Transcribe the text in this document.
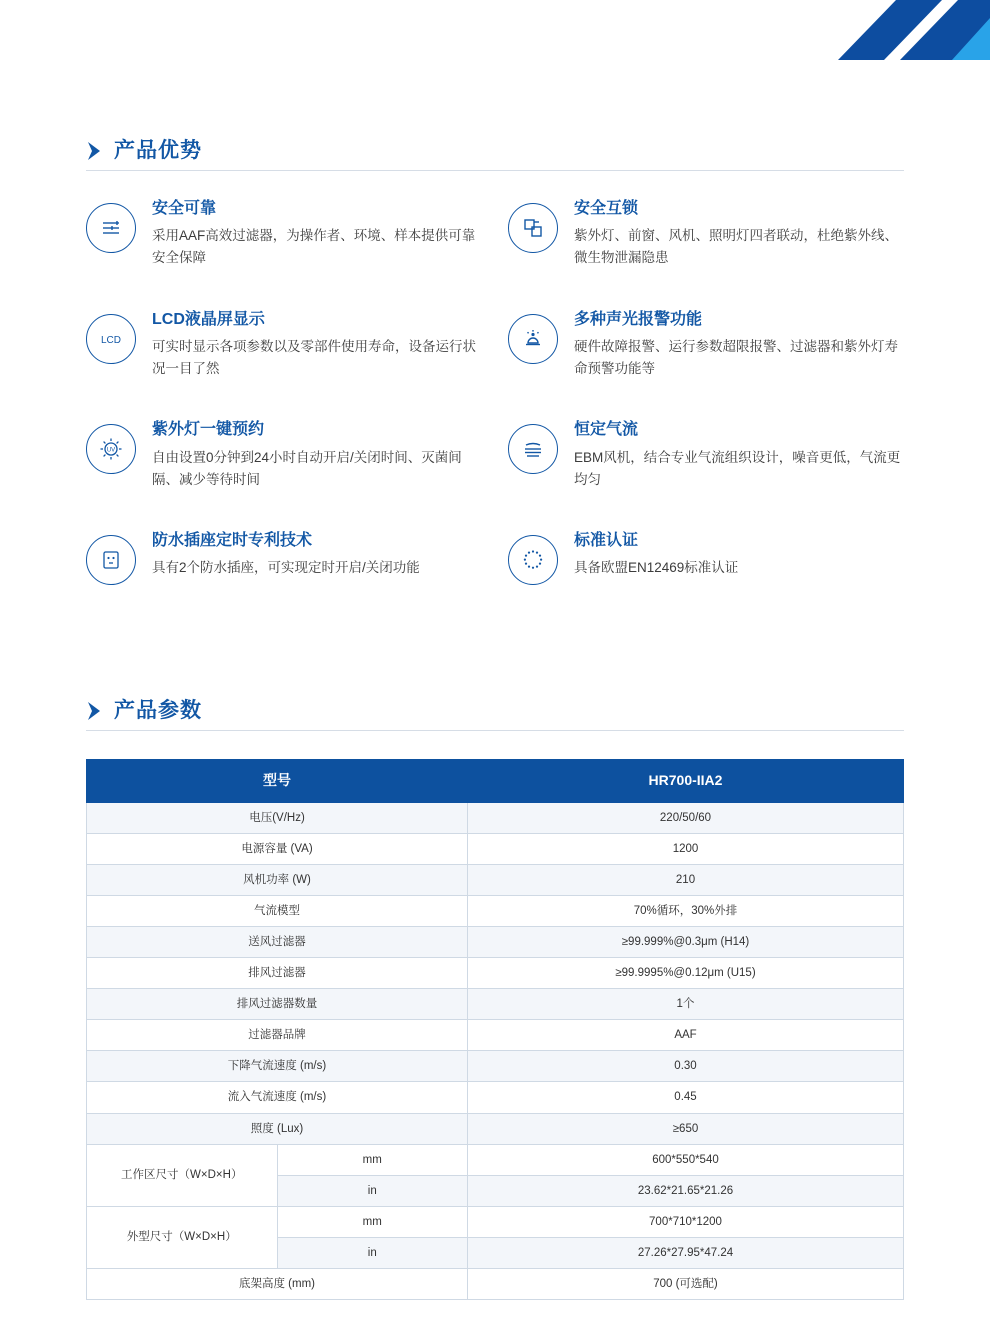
产品优势
安全可靠
采用AAF高效过滤器，为操作者、环境、样本提供可靠安全保障
安全互锁
紫外灯、前窗、风机、照明灯四者联动，杜绝紫外线、微生物泄漏隐患
LCD
LCD液晶屏显示
可实时显示各项参数以及零部件使用寿命，设备运行状况一目了然
多种声光报警功能
硬件故障报警、运行参数超限报警、过滤器和紫外灯寿命预警功能等
UV
紫外灯一键预约
自由设置0分钟到24小时自动开启/关闭时间、灭菌间隔、减少等待时间
恒定气流
EBM风机，结合专业气流组织设计，噪音更低，气流更均匀
防水插座定时专利技术
具有2个防水插座，可实现定时开启/关闭功能
标准认证
具备欧盟EN12469标准认证
产品参数
型号		HR700-IIA2
电压(V/Hz)		220/50/60
电源容量 (VA)		1200
风机功率 (W)		210
气流模型		70%循环，30%外排
送风过滤器		≥99.999%@0.3μm (H14)
排风过滤器		≥99.9995%@0.12μm (U15)
排风过滤器数量		1个
过滤器品牌		AAF
下降气流速度 (m/s)		0.30
流入气流速度 (m/s)		0.45
照度 (Lux)		≥650
工作区尺寸（W×D×H）	mm	600*550*540
	in	23.62*21.65*21.26
外型尺寸（W×D×H）	mm	700*710*1200
	in	27.26*27.95*47.24
底架高度 (mm)		700 (可选配)
